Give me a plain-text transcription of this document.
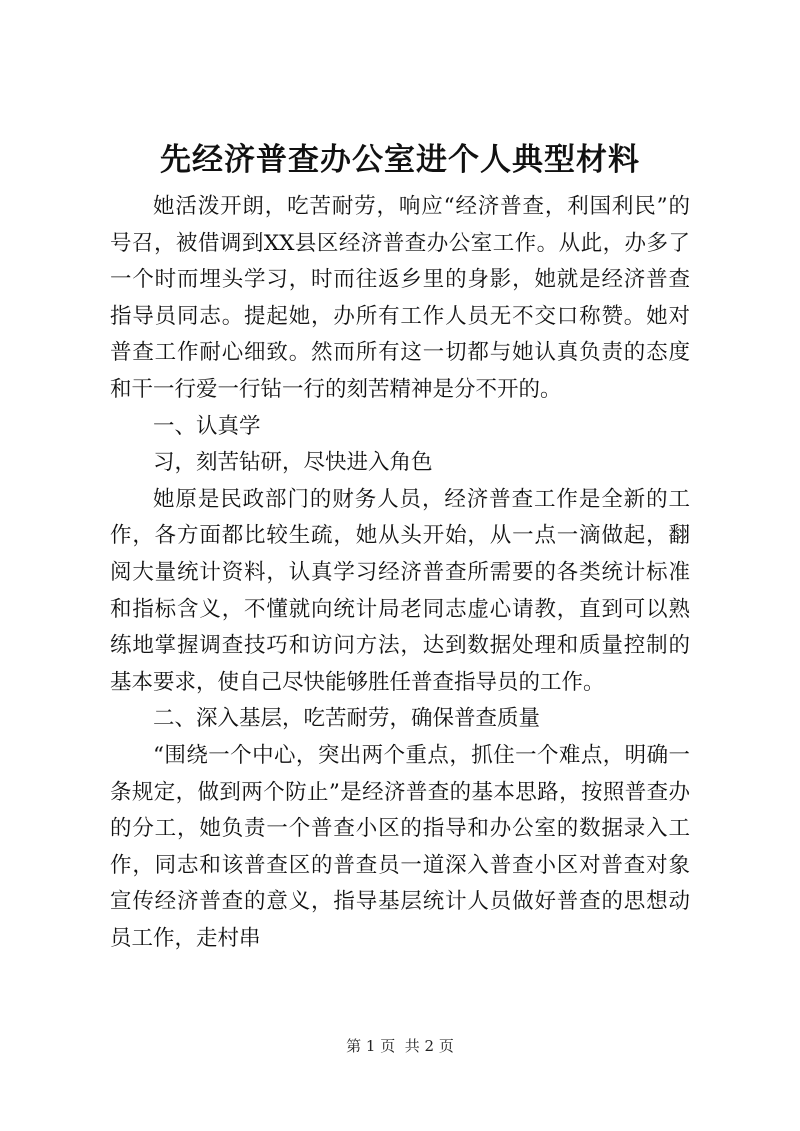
先经济普查办公室进个人典型材料

她活泼开朗，吃苦耐劳，响应“经济普查，利国利民”的号召，被借调到XX县区经济普查办公室工作。从此，办多了一个时而埋头学习，时而往返乡里的身影，她就是经济普查指导员同志。提起她，办所有工作人员无不交口称赞。她对普查工作耐心细致。然而所有这一切都与她认真负责的态度和干一行爱一行钻一行的刻苦精神是分不开的。

一、认真学

习，刻苦钻研，尽快进入角色

她原是民政部门的财务人员，经济普查工作是全新的工作，各方面都比较生疏，她从头开始，从一点一滴做起，翻阅大量统计资料，认真学习经济普查所需要的各类统计标准和指标含义，不懂就向统计局老同志虚心请教，直到可以熟练地掌握调查技巧和访问方法，达到数据处理和质量控制的基本要求，使自己尽快能够胜任普查指导员的工作。

二、深入基层，吃苦耐劳，确保普查质量

“围绕一个中心，突出两个重点，抓住一个难点，明确一条规定，做到两个防止”是经济普查的基本思路，按照普查办的分工，她负责一个普查小区的指导和办公室的数据录入工作，同志和该普查区的普查员一道深入普查小区对普查对象宣传经济普查的意义，指导基层统计人员做好普查的思想动员工作，走村串

第 1 页  共 2 页
